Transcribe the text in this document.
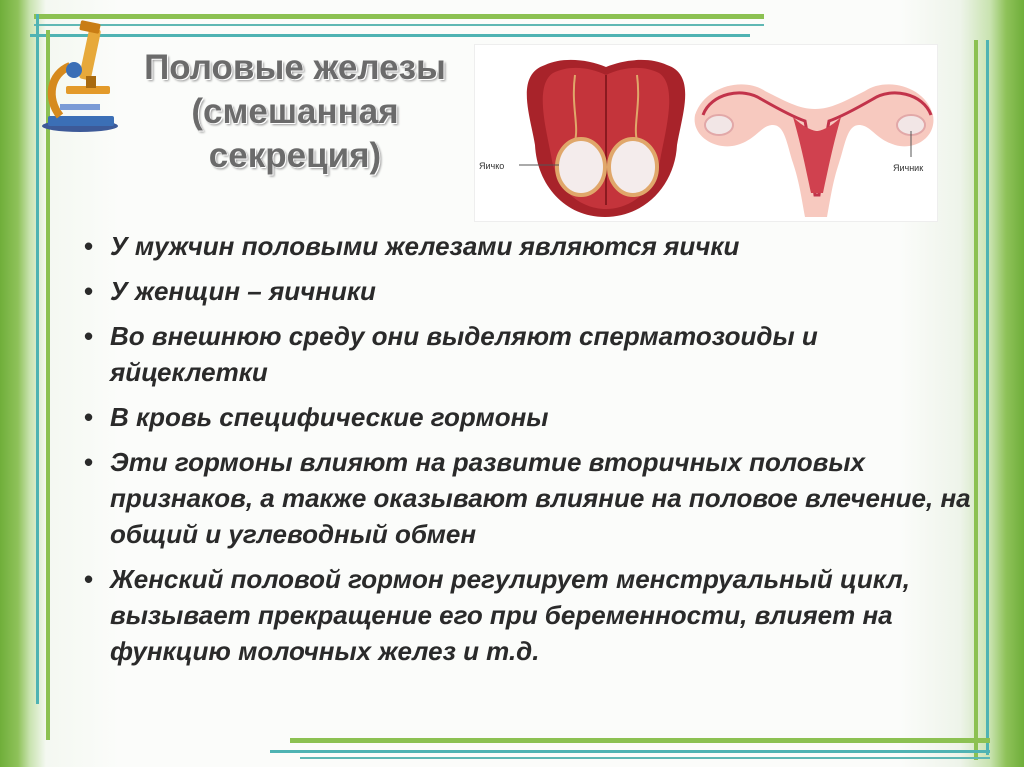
Половые железы
(смешанная
секреция)	Яичко	Яичник
• У мужчин половыми железами являются яички
• У женщин – яичники
• Во внешнюю среду они выделяют сперматозоиды и яйцеклетки
• В кровь специфические гормоны
• Эти гормоны влияют на развитие вторичных половых признаков, а также оказывают влияние на половое влечение, на общий и углеводный обмен
• Женский половой гормон регулирует менструальный цикл, вызывает прекращение его при беременности, влияет на функцию молочных желез и т.д.
